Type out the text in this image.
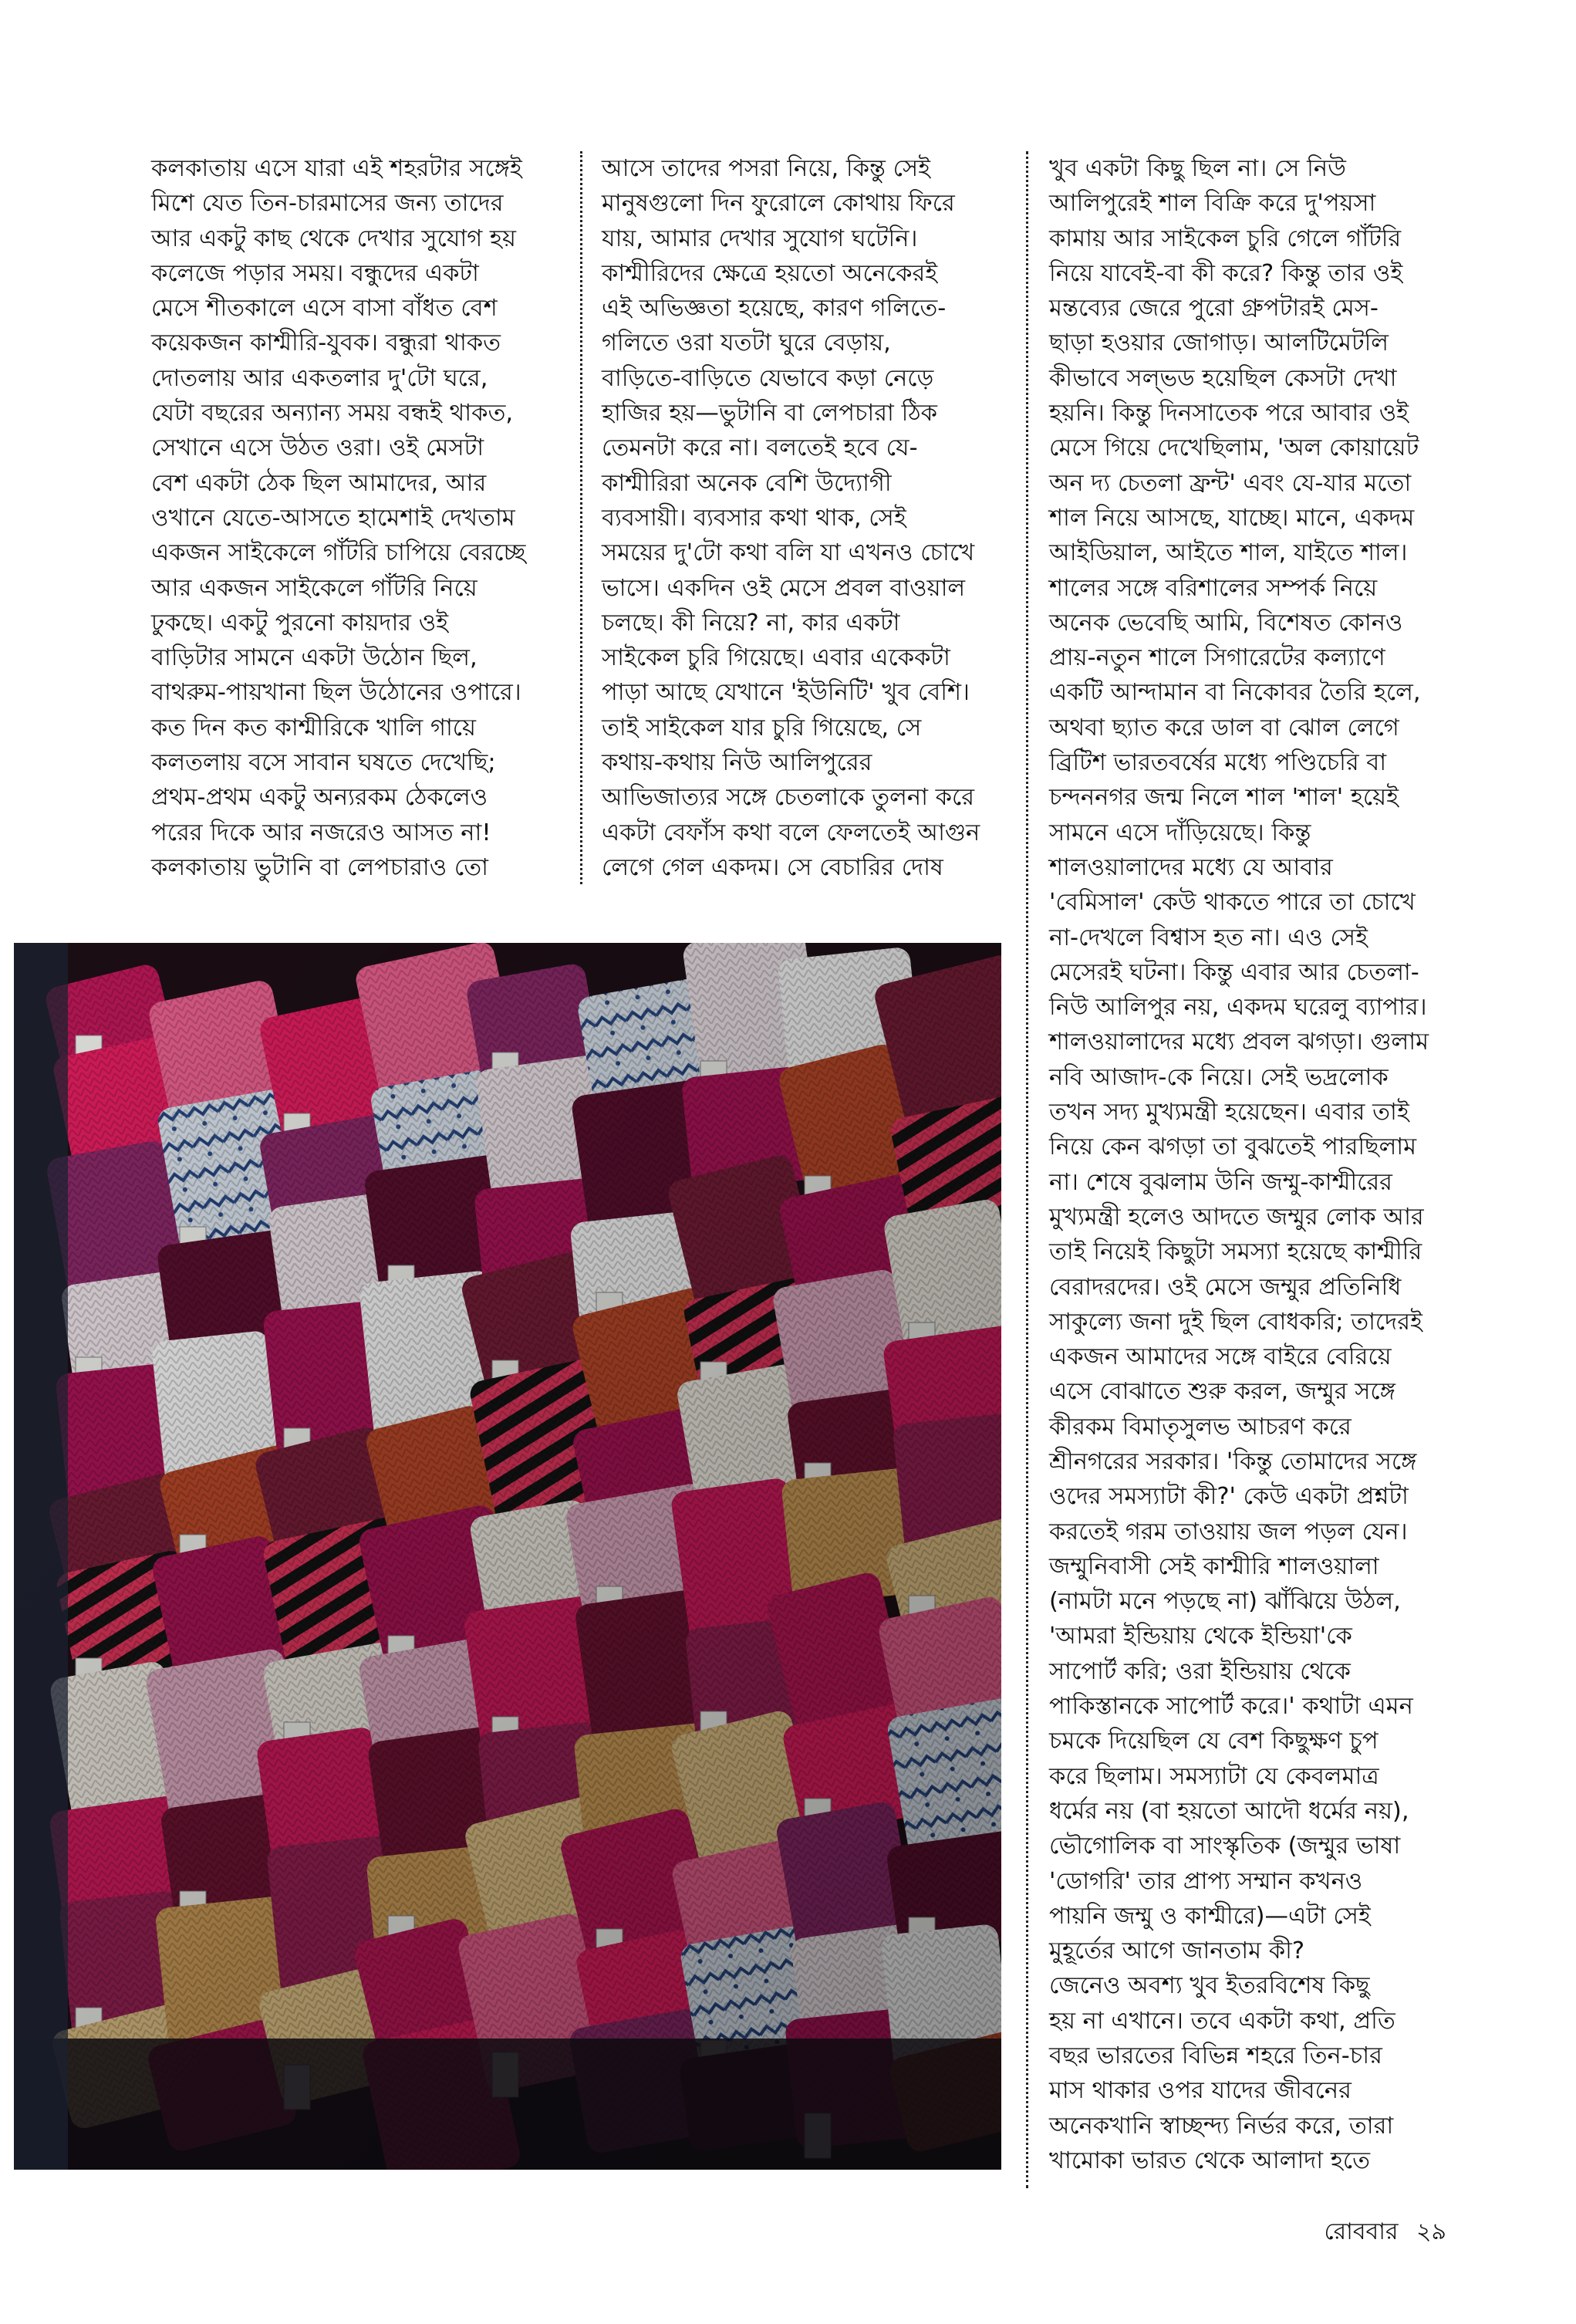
কলকাতায় এসে যারা এই শহরটার সঙ্গেই

মিশে যেত তিন-চারমাসের জন্য তাদের

আর একটু কাছ থেকে দেখার সুযোগ হয়

কলেজে পড়ার সময়। বন্ধুদের একটা

মেসে শীতকালে এসে বাসা বাঁধত বেশ

কয়েকজন কাশ্মীরি-যুবক। বন্ধুরা থাকত

দোতলায় আর একতলার দু'টো ঘরে,

যেটা বছরের অন্যান্য সময় বন্ধই থাকত,

সেখানে এসে উঠত ওরা। ওই মেসটা

বেশ একটা ঠেক ছিল আমাদের, আর

ওখানে যেতে-আসতে হামেশাই দেখতাম

একজন সাইকেলে গাঁটরি চাপিয়ে বেরচ্ছে

আর একজন সাইকেলে গাঁটরি নিয়ে

ঢুকছে। একটু পুরনো কায়দার ওই

বাড়িটার সামনে একটা উঠোন ছিল,

বাথরুম-পায়খানা ছিল উঠোনের ওপারে।

কত দিন কত কাশ্মীরিকে খালি গায়ে

কলতলায় বসে সাবান ঘষতে দেখেছি;

প্রথম-প্রথম একটু অন্যরকম ঠেকলেও

পরের দিকে আর নজরেও আসত না!

কলকাতায় ভুটানি বা লেপচারাও তো

আসে তাদের পসরা নিয়ে, কিন্তু সেই

মানুষগুলো দিন ফুরোলে কোথায় ফিরে

যায়, আমার দেখার সুযোগ ঘটেনি।

কাশ্মীরিদের ক্ষেত্রে হয়তো অনেকেরই

এই অভিজ্ঞতা হয়েছে, কারণ গলিতে-

গলিতে ওরা যতটা ঘুরে বেড়ায়,

বাড়িতে-বাড়িতে যেভাবে কড়া নেড়ে

হাজির হয়—ভুটানি বা লেপচারা ঠিক

তেমনটা করে না। বলতেই হবে যে-

কাশ্মীরিরা অনেক বেশি উদ্যোগী

ব্যবসায়ী। ব্যবসার কথা থাক, সেই

সময়ের দু'টো কথা বলি যা এখনও চোখে

ভাসে। একদিন ওই মেসে প্রবল বাওয়াল

চলছে। কী নিয়ে? না, কার একটা

সাইকেল চুরি গিয়েছে। এবার একেকটা

পাড়া আছে যেখানে 'ইউনিটি' খুব বেশি।

তাই সাইকেল যার চুরি গিয়েছে, সে

কথায়-কথায় নিউ আলিপুরের

আভিজাত্যর সঙ্গে চেতলাকে তুলনা করে

একটা বেফাঁস কথা বলে ফেলতেই আগুন

লেগে গেল একদম। সে বেচারির দোষ

খুব একটা কিছু ছিল না। সে নিউ

আলিপুরেই শাল বিক্রি করে দু'পয়সা

কামায় আর সাইকেল চুরি গেলে গাঁটরি

নিয়ে যাবেই-বা কী করে? কিন্তু তার ওই

মন্তব্যের জেরে পুরো গ্রুপটারই মেস-

ছাড়া হওয়ার জোগাড়। আলটিমেটলি

কীভাবে সল্‌ভড হয়েছিল কেসটা দেখা

হয়নি। কিন্তু দিনসাতেক পরে আবার ওই

মেসে গিয়ে দেখেছিলাম, 'অল কোয়ায়েট

অন দ্য চেতলা ফ্রন্ট' এবং যে-যার মতো

শাল নিয়ে আসছে, যাচ্ছে। মানে, একদম

আইডিয়াল, আইতে শাল, যাইতে শাল।

শালের সঙ্গে বরিশালের সম্পর্ক নিয়ে

অনেক ভেবেছি আমি, বিশেষত কোনও

প্রায়-নতুন শালে সিগারেটের কল্যাণে

একটি আন্দামান বা নিকোবর তৈরি হলে,

অথবা ছ্যাত করে ডাল বা ঝোল লেগে

ব্রিটিশ ভারতবর্ষের মধ্যে পণ্ডিচেরি বা

চন্দননগর জন্ম নিলে শাল 'শাল' হয়েই

সামনে এসে দাঁড়িয়েছে। কিন্তু

শালওয়ালাদের মধ্যে যে আবার

'বেমিসাল' কেউ থাকতে পারে তা চোখে

না-দেখলে বিশ্বাস হত না। এও সেই

মেসেরই ঘটনা। কিন্তু এবার আর চেতলা-

নিউ আলিপুর নয়, একদম ঘরেলু ব্যাপার।

শালওয়ালাদের মধ্যে প্রবল ঝগড়া। গুলাম

নবি আজাদ-কে নিয়ে। সেই ভদ্রলোক

তখন সদ্য মুখ্যমন্ত্রী হয়েছেন। এবার তাই

নিয়ে কেন ঝগড়া তা বুঝতেই পারছিলাম

না। শেষে বুঝলাম উনি জম্মু-কাশ্মীরের

মুখ্যমন্ত্রী হলেও আদতে জম্মুর লোক আর

তাই নিয়েই কিছুটা সমস্যা হয়েছে কাশ্মীরি

বেরাদরদের। ওই মেসে জম্মুর প্রতিনিধি

সাকুল্যে জনা দুই ছিল বোধকরি; তাদেরই

একজন আমাদের সঙ্গে বাইরে বেরিয়ে

এসে বোঝাতে শুরু করল, জম্মুর সঙ্গে

কীরকম বিমাতৃসুলভ আচরণ করে

শ্রীনগরের সরকার। 'কিন্তু তোমাদের সঙ্গে

ওদের সমস্যাটা কী?' কেউ একটা প্রশ্নটা

করতেই গরম তাওয়ায় জল পড়ল যেন।

জম্মুনিবাসী সেই কাশ্মীরি শালওয়ালা

(নামটা মনে পড়ছে না) ঝাঁঝিয়ে উঠল,

'আমরা ইন্ডিয়ায় থেকে ইন্ডিয়া'কে

সাপোর্ট করি; ওরা ইন্ডিয়ায় থেকে

পাকিস্তানকে সাপোর্ট করে।' কথাটা এমন

চমকে দিয়েছিল যে বেশ কিছুক্ষণ চুপ

করে ছিলাম। সমস্যাটা যে কেবলমাত্র

ধর্মের নয় (বা হয়তো আদৌ ধর্মের নয়),

ভৌগোলিক বা সাংস্কৃতিক (জম্মুর ভাষা

'ডোগরি' তার প্রাপ্য সম্মান কখনও

পায়নি জম্মু ও কাশ্মীরে)—এটা সেই

মুহূর্তের আগে জানতাম কী?

জেনেও অবশ্য খুব ইতরবিশেষ কিছু

হয় না এখানে। তবে একটা কথা, প্রতি

বছর ভারতের বিভিন্ন শহরে তিন-চার

মাস থাকার ওপর যাদের জীবনের

অনেকখানি স্বাচ্ছন্দ্য নির্ভর করে, তারা

খামোকা ভারত থেকে আলাদা হতে

রোববার ২৯
